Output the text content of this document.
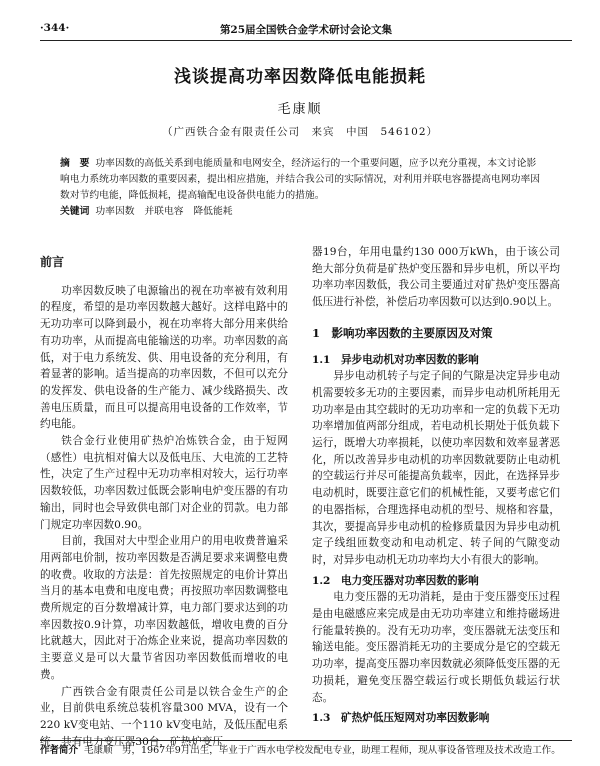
·344·	第25届全国铁合金学术研讨会论文集
浅谈提高功率因数降低电能损耗
毛康顺
（广西铁合金有限责任公司　来宾　中国　546102）

摘　要 功率因数的高低关系到电能质量和电网安全，经济运行的一个重要问题，应予以充分重视，本文讨论影响电力系统功率因数的重要因素，提出相应措施，并结合我公司的实际情况，对利用并联电容器提高电网功率因数对节约电能，降低损耗，提高输配电设备供电能力的措施。

关键词 功率因数　并联电容　降低能耗

前言

功率因数反映了电源输出的视在功率被有效利用的程度，希望的是功率因数越大越好。这样电路中的无功功率可以降到最小，视在功率将大部分用来供给有功功率，从而提高电能输送的功率。功率因数的高低，对于电力系统发、供、用电设备的充分利用，有着显著的影响。适当提高的功率因数，不但可以充分的发挥发、供电设备的生产能力、减少线路损失、改善电压质量，而且可以提高用电设备的工作效率，节约电能。

铁合金行业使用矿热炉冶炼铁合金，由于短网（感性）电抗相对偏大以及低电压、大电流的工艺特性，决定了生产过程中无功功率相对较大，运行功率因数较低，功率因数过低既会影响电炉变压器的有功输出，同时也会导致供电部门对企业的罚款。电力部门规定功率因数0.90。

目前，我国对大中型企业用户的用电收费普遍采用两部电价制，按功率因数是否满足要求来调整电费的收费。收取的方法是：首先按照规定的电价计算出当月的基本电费和电度电费；再按照功率因数调整电费所规定的百分数增减计算，电力部门要求达到的功率因数按0.9计算，功率因数越低，增收电费的百分比就越大，因此对于冶炼企业来说，提高功率因数的主要意义是可以大量节省因功率因数低而增收的电费。

广西铁合金有限责任公司是以铁合金生产的企业，目前供电系统总装机容量300 MVA，设有一个220 kV变电站、一个110 kV变电站，及低压配电系统，共有电力变压器30台，矿热炉变压

器19台，年用电量约130 000万kWh，由于该公司绝大部分负荷是矿热炉变压器和异步电机，所以平均功率功率因数低，我公司主要通过对矿热炉变压器高低压进行补偿，补偿后功率因数可以达到0.90以上。

1　影响功率因数的主要原因及对策
1.1　异步电动机对功率因数的影响

异步电动机转子与定子间的气隙是决定异步电动机需要较多无功的主要因素，而异步电动机所耗用无功功率是由其空载时的无功功率和一定的负载下无功功率增加值两部分组成，若电动机长期处于低负载下运行，既增大功率损耗，以使功率因数和效率显著恶化，所以改善异步电动机的功率因数就要防止电动机的空载运行并尽可能提高负载率，因此，在选择异步电动机时，既要注意它们的机械性能，又要考虑它们的电器指标，合理选择电动机的型号、规格和容量，其次，要提高异步电动机的检修质量因为异步电动机定子线组匝数变动和电动机定、转子间的气隙变动时，对异步电动机无功功率均大小有很大的影响。

1.2　电力变压器对功率因数的影响

电力变压器的无功消耗，是由于变压器变压过程是由电磁感应来完成是由无功功率建立和维持磁场进行能量转换的。没有无功功率，变压器就无法变压和输送电能。变压器消耗无功的主要成分是它的空载无功功率，提高变压器功率因数就必须降低变压器的无功损耗，避免变压器空载运行或长期低负载运行状态。

1.3　矿热炉低压短网对功率因数影响
作者简介 毛康顺　男，1967年9月出生，毕业于广西水电学校发配电专业，助理工程师，现从事设备管理及技术改造工作。
